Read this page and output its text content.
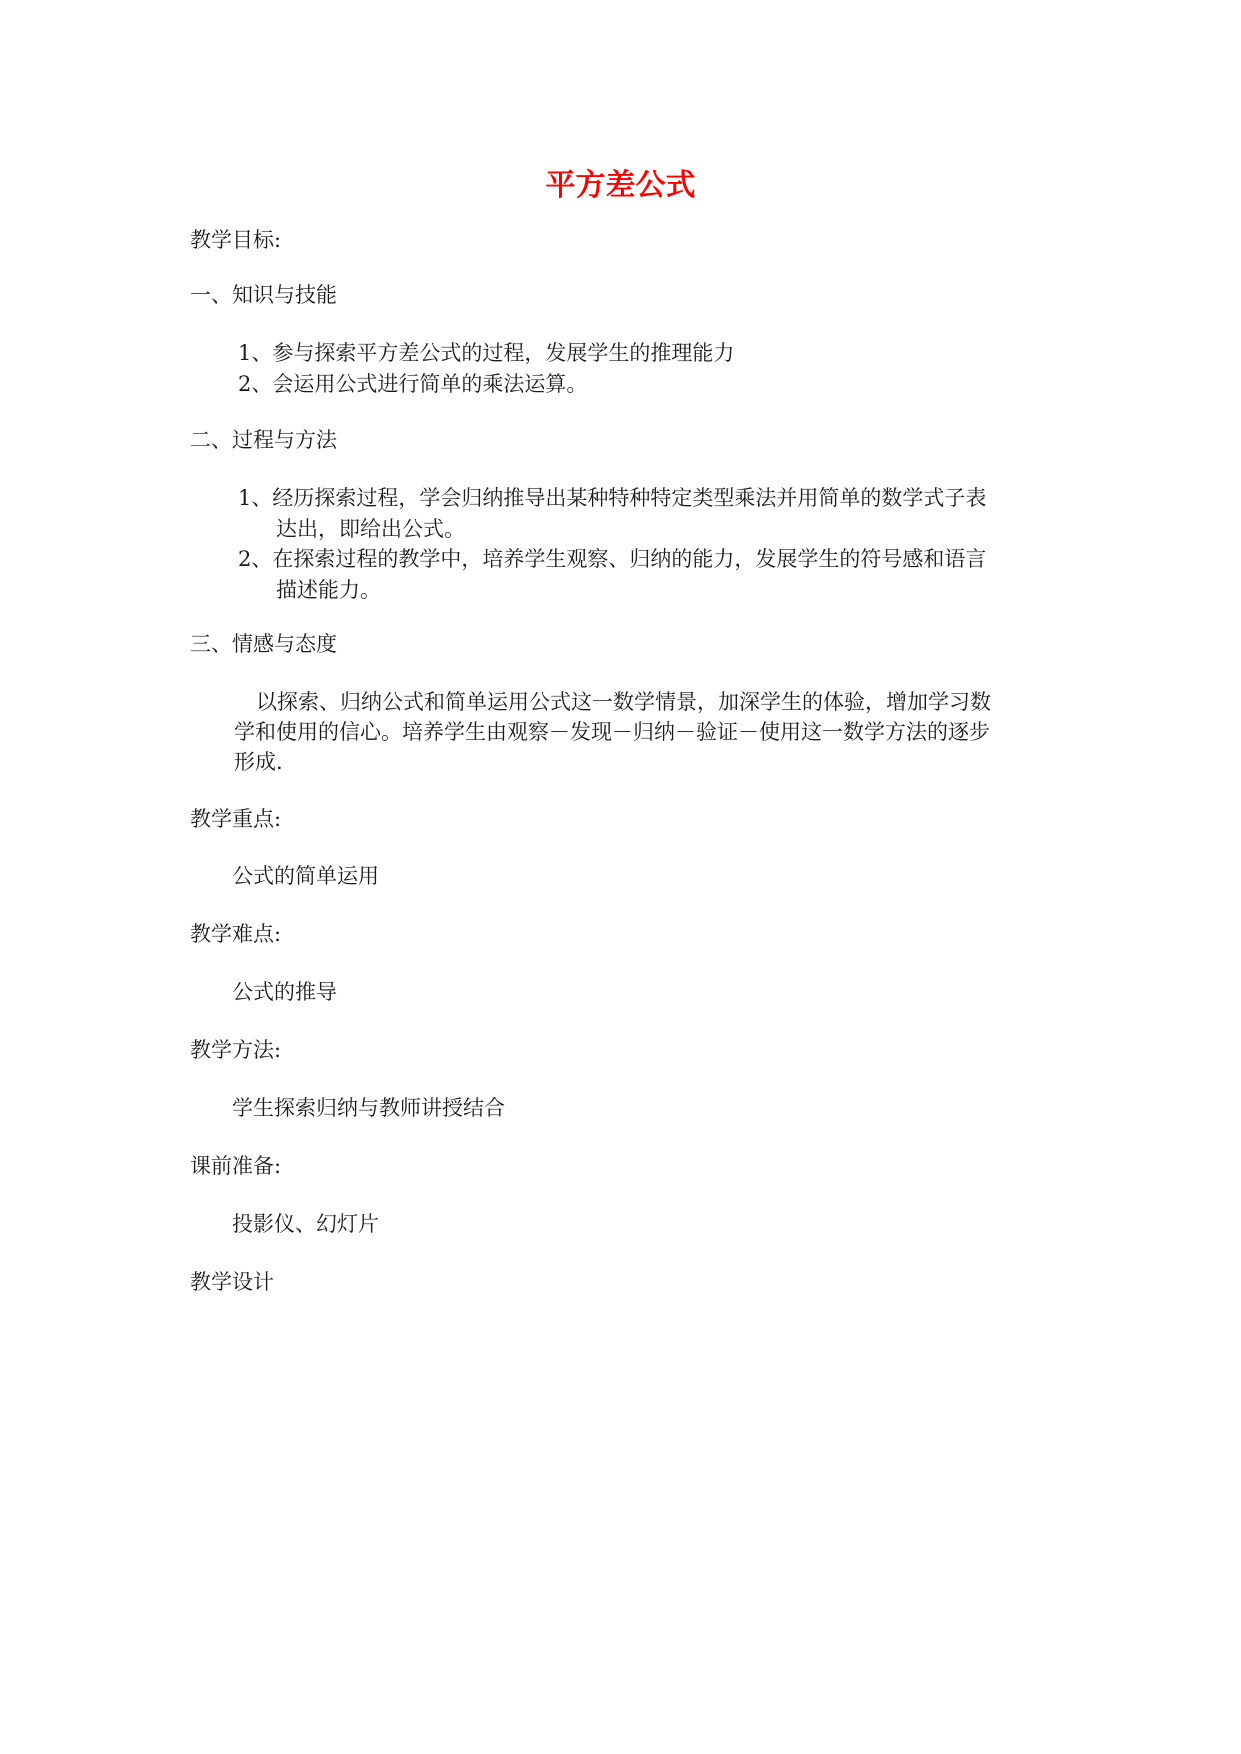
平方差公式
教学目标:
一、知识与技能
1、参与探索平方差公式的过程，发展学生的推理能力
2、会运用公式进行简单的乘法运算。
二、过程与方法
1、经历探索过程，学会归纳推导出某种特种特定类型乘法并用简单的数学式子表
达出，即给出公式。
2、在探索过程的教学中，培养学生观察、归纳的能力，发展学生的符号感和语言
描述能力。
三、情感与态度
以探索、归纳公式和简单运用公式这一数学情景，加深学生的体验，增加学习数
学和使用的信心。培养学生由观察－发现－归纳－验证－使用这一数学方法的逐步
形成.
教学重点:
公式的简单运用
教学难点:
公式的推导
教学方法:
学生探索归纳与教师讲授结合
课前准备:
投影仪、幻灯片
教学设计
